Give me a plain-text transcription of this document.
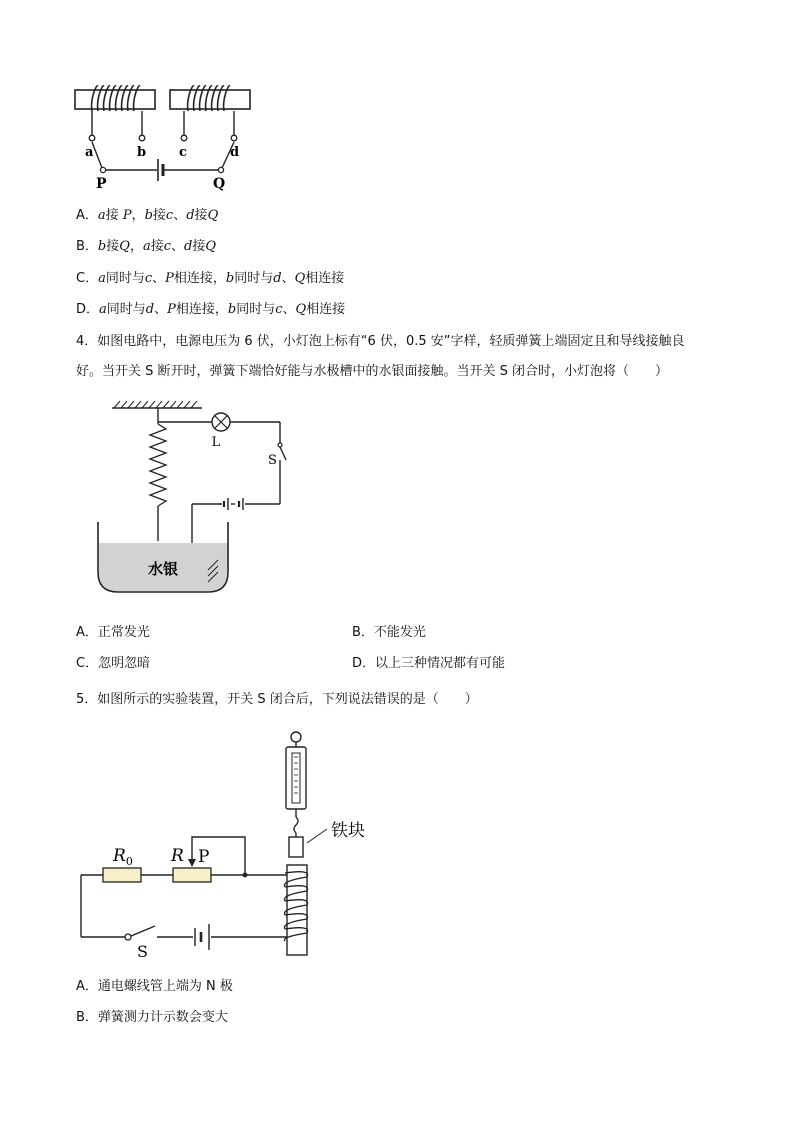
a	b	c	d
P	Q
A．a接 P，b接c、d接Q
B．b接Q，a接c、d接Q
C．a同时与c、P相连接，b同时与d、Q相连接
D．a同时与d、P相连接，b同时与c、Q相连接
4．如图电路中，电源电压为 6 伏，小灯泡上标有“6 伏，0.5 安”字样，轻质弹簧上端固定且和导线接触良
好。当开关 S 断开时，弹簧下端恰好能与水极槽中的水银面接触。当开关 S 闭合时，小灯泡将（　　）
L
S
水银
A．正常发光	B．不能发光
C．忽明忽暗	D．以上三种情况都有可能
5．如图所示的实验装置，开关 S 闭合后，下列说法错误的是（　　）
铁块
$R_0$ R P
S
A．通电螺线管上端为 N 极
B．弹簧测力计示数会变大
